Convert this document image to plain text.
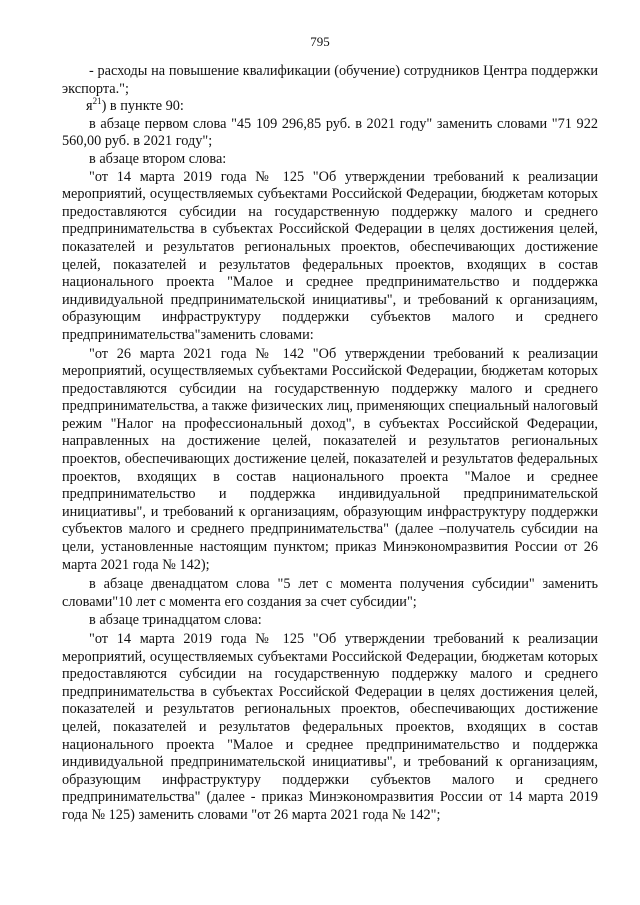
795

- расходы на повышение квалификации (обучение) сотрудников Центра поддержки экспорта.";

$я^{21}$) в пункте 90:

в абзаце первом слова "45 109 296,85 руб. в 2021 году" заменить словами "71 922 560,00 руб. в 2021 году";

в абзаце втором слова:

"от 14 марта 2019 года № 125 "Об утверждении требований к реализации мероприятий, осуществляемых субъектами Российской Федерации, бюджетам которых предоставляются субсидии на государственную поддержку малого и среднего предпринимательства в субъектах Российской Федерации в целях достижения целей, показателей и результатов региональных проектов, обеспечивающих достижение целей, показателей и результатов федеральных проектов, входящих в состав национального проекта "Малое и среднее предпринимательство и поддержка индивидуальной предпринимательской инициативы", и требований к организациям, образующим инфраструктуру поддержки субъектов малого и среднего предпринимательства"заменить словами:

"от 26 марта 2021 года № 142 "Об утверждении требований к реализации мероприятий, осуществляемых субъектами Российской Федерации, бюджетам которых предоставляются субсидии на государственную поддержку малого и среднего предпринимательства, а также физических лиц, применяющих специальный налоговый режим "Налог на профессиональный доход", в субъектах Российской Федерации, направленных на достижение целей, показателей и результатов региональных проектов, обеспечивающих достижение целей, показателей и результатов федеральных проектов, входящих в состав национального проекта "Малое и среднее предпринимательство и поддержка индивидуальной предпринимательской инициативы", и требований к организациям, образующим инфраструктуру поддержки субъектов малого и среднего предпринимательства" (далее –получатель субсидии на цели, установленные настоящим пунктом; приказ Минэкономразвития России от 26 марта 2021 года № 142);

в абзаце двенадцатом слова "5 лет с момента получения субсидии" заменить словами"10 лет с момента его создания за счет субсидии";

в абзаце тринадцатом слова:

"от 14 марта 2019 года № 125 "Об утверждении требований к реализации мероприятий, осуществляемых субъектами Российской Федерации, бюджетам которых предоставляются субсидии на государственную поддержку малого и среднего предпринимательства в субъектах Российской Федерации в целях достижения целей, показателей и результатов региональных проектов, обеспечивающих достижение целей, показателей и результатов федеральных проектов, входящих в состав национального проекта "Малое и среднее предпринимательство и поддержка индивидуальной предпринимательской инициативы", и требований к организациям, образующим инфраструктуру поддержки субъектов малого и среднего предпринимательства" (далее - приказ Минэкономразвития России от 14 марта 2019 года № 125) заменить словами "от 26 марта 2021 года № 142";
